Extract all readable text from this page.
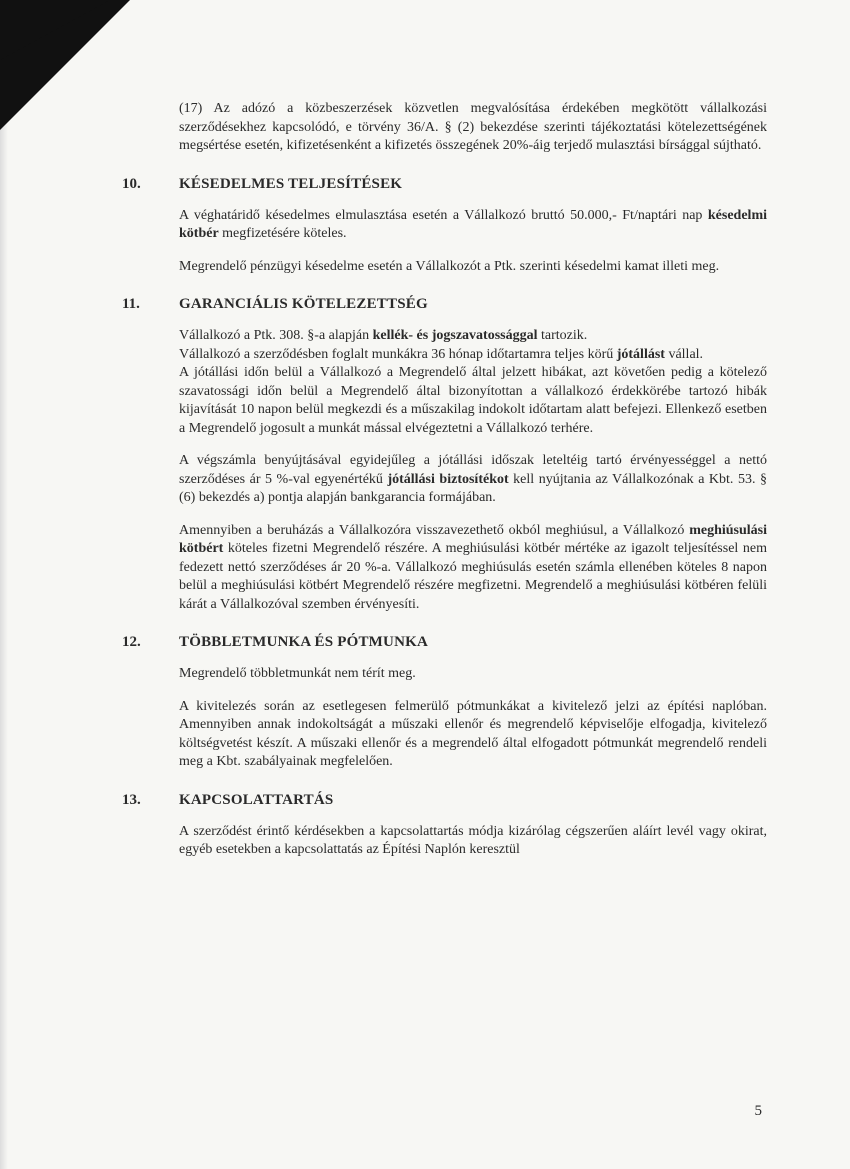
(17) Az adózó a közbeszerzések közvetlen megvalósítása érdekében megkötött vállalkozási szerződésekhez kapcsolódó, e törvény 36/A. § (2) bekezdése szerinti tájékoztatási kötelezettségének megsértése esetén, kifizetésenként a kifizetés összegének 20%-áig terjedő mulasztási bírsággal sújtható.

10.	KÉSEDELMES TELJESÍTÉSEK

A véghatáridő késedelmes elmulasztása esetén a Vállalkozó bruttó 50.000,- Ft/naptári nap késedelmi kötbér megfizetésére köteles.

Megrendelő pénzügyi késedelme esetén a Vállalkozót a Ptk. szerinti késedelmi kamat illeti meg.

11.	GARANCIÁLIS KÖTELEZETTSÉG

Vállalkozó a Ptk. 308. §-a alapján kellék- és jogszavatossággal tartozik.

Vállalkozó a szerződésben foglalt munkákra 36 hónap időtartamra teljes körű jótállást vállal.

A jótállási időn belül a Vállalkozó a Megrendelő által jelzett hibákat, azt követően pedig a kötelező szavatossági időn belül a Megrendelő által bizonyítottan a vállalkozó érdekkörébe tartozó hibák kijavítását 10 napon belül megkezdi és a műszakilag indokolt időtartam alatt befejezi. Ellenkező esetben a Megrendelő jogosult a munkát mással elvégeztetni a Vállalkozó terhére.

A végszámla benyújtásával egyidejűleg a jótállási időszak leteltéig tartó érvényességgel a nettó szerződéses ár 5 %-val egyenértékű jótállási biztosítékot kell nyújtania az Vállalkozónak a Kbt. 53. § (6) bekezdés a) pontja alapján bankgarancia formájában.

Amennyiben a beruházás a Vállalkozóra visszavezethető okból meghiúsul, a Vállalkozó meghiúsulási kötbért köteles fizetni Megrendelő részére. A meghiúsulási kötbér mértéke az igazolt teljesítéssel nem fedezett nettó szerződéses ár 20 %-a. Vállalkozó meghiúsulás esetén számla ellenében köteles 8 napon belül a meghiúsulási kötbért Megrendelő részére megfizetni. Megrendelő a meghiúsulási kötbéren felüli kárát a Vállalkozóval szemben érvényesíti.

12.	TÖBBLETMUNKA ÉS PÓTMUNKA

Megrendelő többletmunkát nem térít meg.

A kivitelezés során az esetlegesen felmerülő pótmunkákat a kivitelező jelzi az építési naplóban. Amennyiben annak indokoltságát a műszaki ellenőr és megrendelő képviselője elfogadja, kivitelező költségvetést készít. A műszaki ellenőr és a megrendelő által elfogadott pótmunkát megrendelő rendeli meg a Kbt. szabályainak megfelelően.

13.	KAPCSOLATTARTÁS

A szerződést érintő kérdésekben a kapcsolattartás módja kizárólag cégszerűen aláírt levél vagy okirat, egyéb esetekben a kapcsolattatás az Építési Naplón keresztül

5
